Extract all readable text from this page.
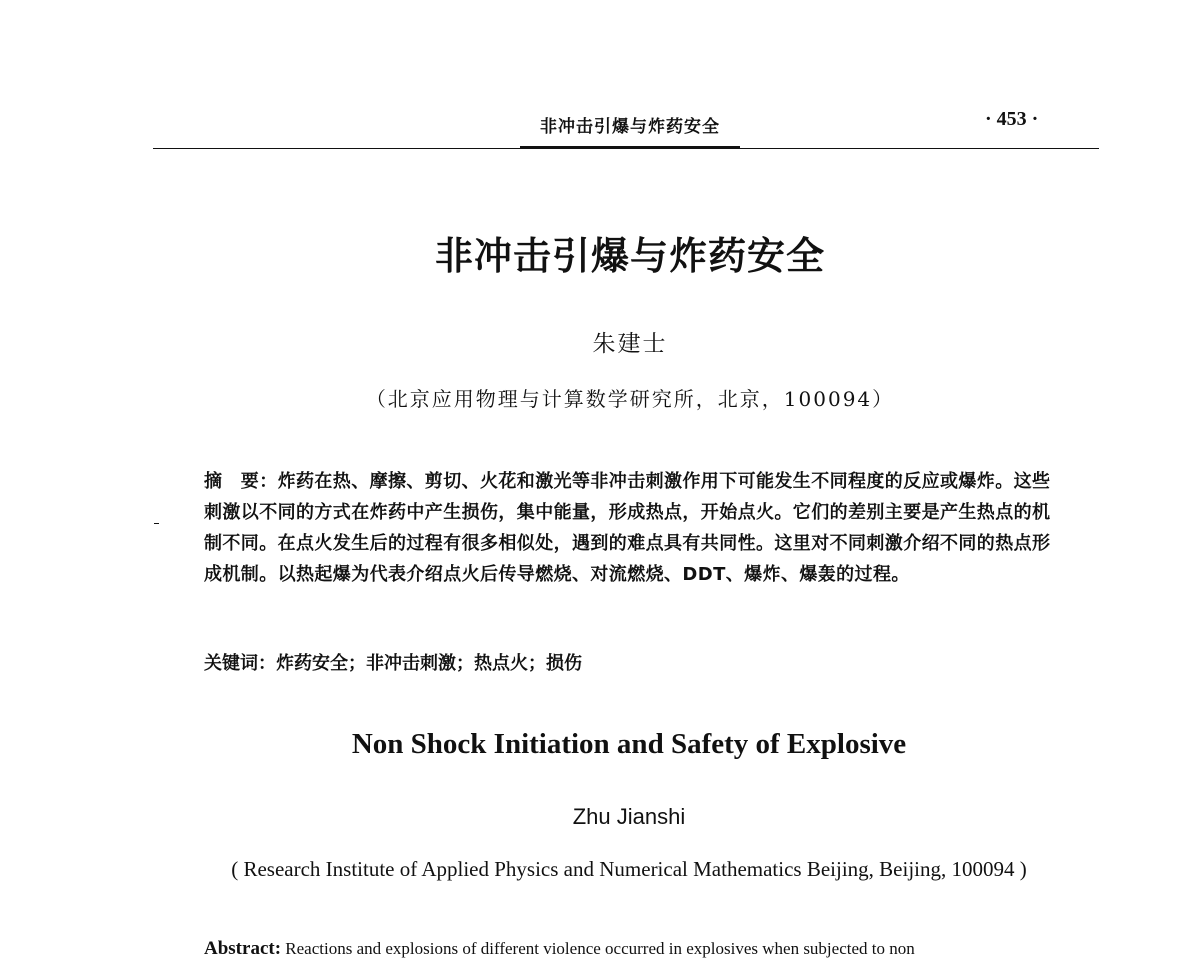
非冲击引爆与炸药安全	· 453 ·
非冲击引爆与炸药安全
朱建士
（北京应用物理与计算数学研究所，北京，100094）
摘　要：炸药在热、摩擦、剪切、火花和激光等非冲击刺激作用下可能发生不同程度的反应或爆炸。这些刺激以不同的方式在炸药中产生损伤，集中能量，形成热点，开始点火。它们的差别主要是产生热点的机制不同。在点火发生后的过程有很多相似处，遇到的难点具有共同性。这里对不同刺激介绍不同的热点形成机制。以热起爆为代表介绍点火后传导燃烧、对流燃烧、DDT、爆炸、爆轰的过程。
关键词：炸药安全；非冲击刺激；热点火；损伤
Non Shock Initiation and Safety of Explosive
Zhu Jianshi
( Research Institute of Applied Physics and Numerical Mathematics Beijing, Beijing, 100094 )
Abstract: Reactions and explosions of different violence occurred in explosives when subjected to non
